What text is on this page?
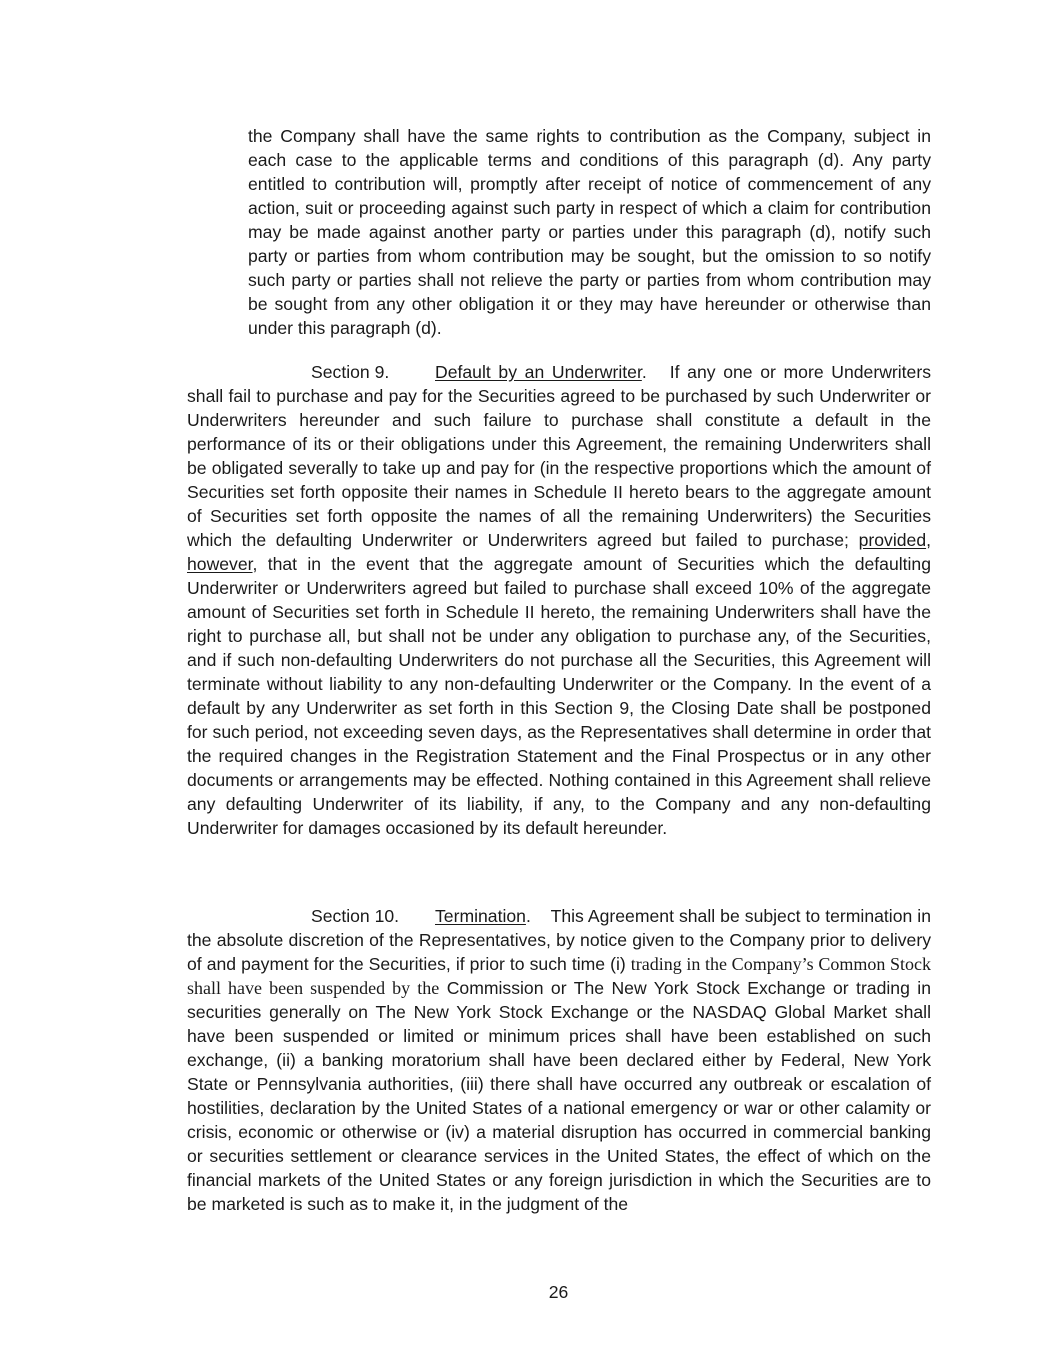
the Company shall have the same rights to contribution as the Company, subject in each case to the applicable terms and conditions of this paragraph (d). Any party entitled to contribution will, promptly after receipt of notice of commencement of any action, suit or proceeding against such party in respect of which a claim for contribution may be made against another party or parties under this paragraph (d), notify such party or parties from whom contribution may be sought, but the omission to so notify such party or parties shall not relieve the party or parties from whom contribution may be sought from any other obligation it or they may have hereunder or otherwise than under this paragraph (d).

Section 9.	Default by an Underwriter. If any one or more Underwriters shall fail to purchase and pay for the Securities agreed to be purchased by such Underwriter or Underwriters hereunder and such failure to purchase shall constitute a default in the performance of its or their obligations under this Agreement, the remaining Underwriters shall be obligated severally to take up and pay for (in the respective proportions which the amount of Securities set forth opposite their names in Schedule II hereto bears to the aggregate amount of Securities set forth opposite the names of all the remaining Underwriters) the Securities which the defaulting Underwriter or Underwriters agreed but failed to purchase; provided, however, that in the event that the aggregate amount of Securities which the defaulting Underwriter or Underwriters agreed but failed to purchase shall exceed 10% of the aggregate amount of Securities set forth in Schedule II hereto, the remaining Underwriters shall have the right to purchase all, but shall not be under any obligation to purchase any, of the Securities, and if such non-defaulting Underwriters do not purchase all the Securities, this Agreement will terminate without liability to any non-defaulting Underwriter or the Company. In the event of a default by any Underwriter as set forth in this Section 9, the Closing Date shall be postponed for such period, not exceeding seven days, as the Representatives shall determine in order that the required changes in the Registration Statement and the Final Prospectus or in any other documents or arrangements may be effected. Nothing contained in this Agreement shall relieve any defaulting Underwriter of its liability, if any, to the Company and any non-defaulting Underwriter for damages occasioned by its default hereunder.

Section 10. Termination. This Agreement shall be subject to termination in the absolute discretion of the Representatives, by notice given to the Company prior to delivery of and payment for the Securities, if prior to such time (i) trading in the Company’s Common Stock shall have been suspended by the Commission or The New York Stock Exchange or trading in securities generally on The New York Stock Exchange or the NASDAQ Global Market shall have been suspended or limited or minimum prices shall have been established on such exchange, (ii) a banking moratorium shall have been declared either by Federal, New York State or Pennsylvania authorities, (iii) there shall have occurred any outbreak or escalation of hostilities, declaration by the United States of a national emergency or war or other calamity or crisis, economic or otherwise or (iv) a material disruption has occurred in commercial banking or securities settlement or clearance services in the United States, the effect of which on the financial markets of the United States or any foreign jurisdiction in which the Securities are to be marketed is such as to make it, in the judgment of the

26
